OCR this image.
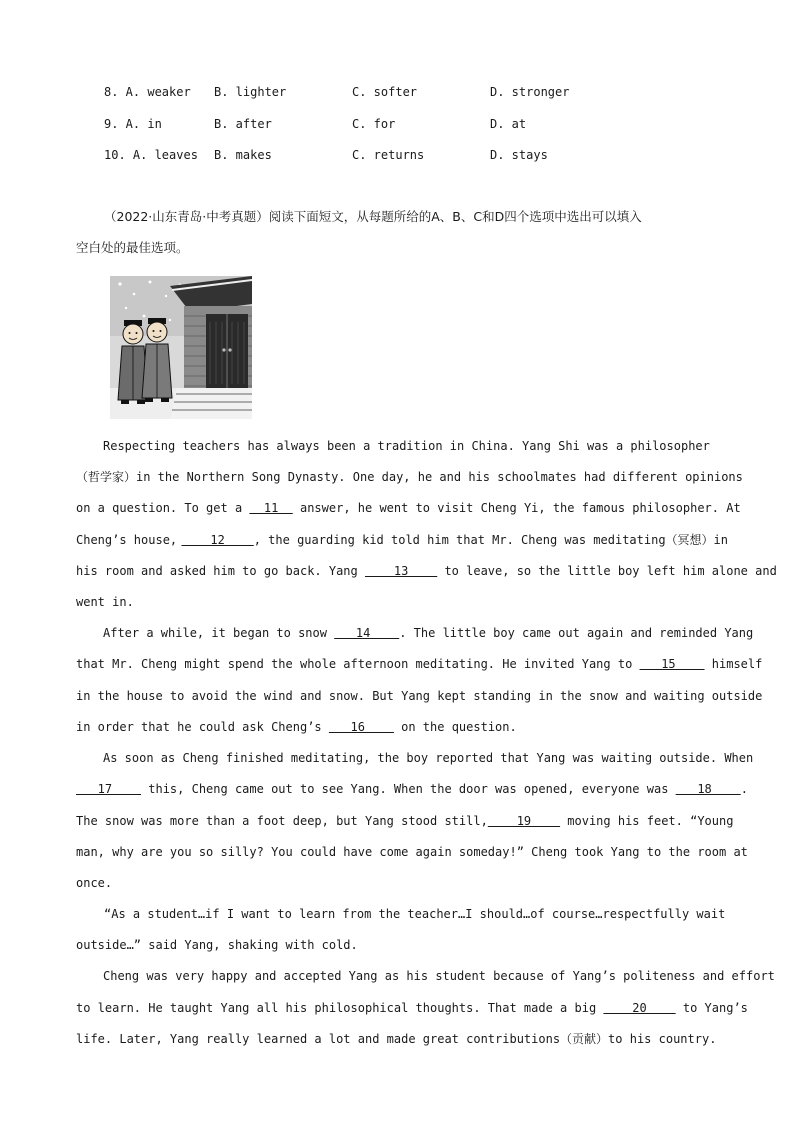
8. A. weaker B. lighter	C. softer	D. stronger
9. A. in	B. after	C. for	D. at
10. A. leaves B. makes	C. returns	D. stays
（2022·山东青岛·中考真题）阅读下面短文，从每题所给的A、B、C和D四个选项中选出可以填入
空白处的最佳选项。
Respecting teachers has always been a tradition in China. Yang Shi was a philosopher
（哲学家）in the Northern Song Dynasty. One day, he and his schoolmates had different opinions
on a question. To get a   11   answer, he went to visit Cheng Yi, the famous philosopher. At
Cheng’s house, 12    , the guarding kid told him that Mr. Cheng was meditating（冥想）in
his room and asked him to go back. Yang     13     to leave, so the little boy left him alone and
went in.
After a while, it began to snow    14    . The little boy came out again and reminded Yang
that Mr. Cheng might spend the whole afternoon meditating. He invited Yang to    15     himself
in the house to avoid the wind and snow. But Yang kept standing in the snow and waiting outside
in order that he could ask Cheng’s    16     on the question.
As soon as Cheng finished meditating, the boy reported that Yang was waiting outside. When
17     this, Cheng came out to see Yang. When the door was opened, everyone was    18    .
The snow was more than a foot deep, but Yang stood still, 19     moving his feet. “Young
man, why are you so silly? You could have come again someday!” Cheng took Yang to the room at
once.
“As a student…if I want to learn from the teacher…I should…of course…respectfully wait
outside…” said Yang, shaking with cold.
Cheng was very happy and accepted Yang as his student because of Yang’s politeness and effort
to learn. He taught Yang all his philosophical thoughts. That made a big     20     to Yang’s
life. Later, Yang really learned a lot and made great contributions（贡献）to his country.
